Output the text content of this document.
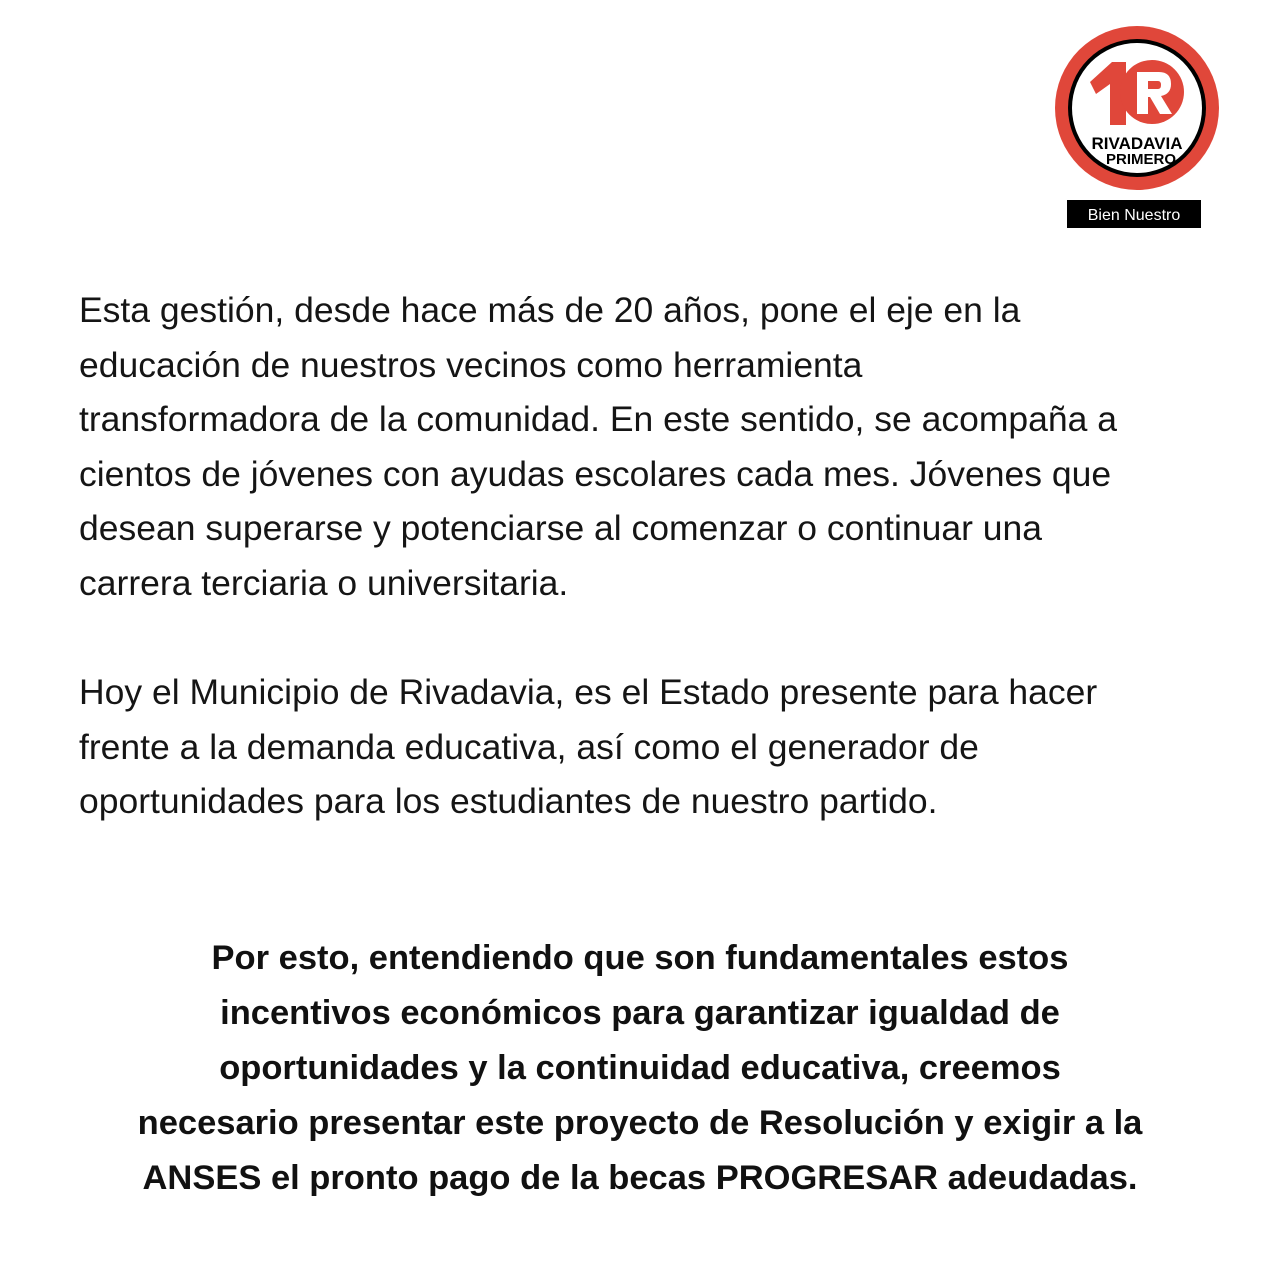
RIVADAVIA
PRIMERO
Bien Nuestro
Esta gestión, desde hace más de 20 años, pone el eje en la
educación de nuestros vecinos como herramienta
transformadora de la comunidad. En este sentido, se acompaña a
cientos de jóvenes con ayudas escolares cada mes. Jóvenes que
desean superarse y potenciarse al comenzar o continuar una
carrera terciaria o universitaria.
Hoy el Municipio de Rivadavia, es el Estado presente para hacer
frente a la demanda educativa, así como el generador de
oportunidades para los estudiantes de nuestro partido.
Por esto, entendiendo que son fundamentales estos
incentivos económicos para garantizar igualdad de
oportunidades y la continuidad educativa, creemos
necesario presentar este proyecto de Resolución y exigir a la
ANSES el pronto pago de la becas PROGRESAR adeudadas.
